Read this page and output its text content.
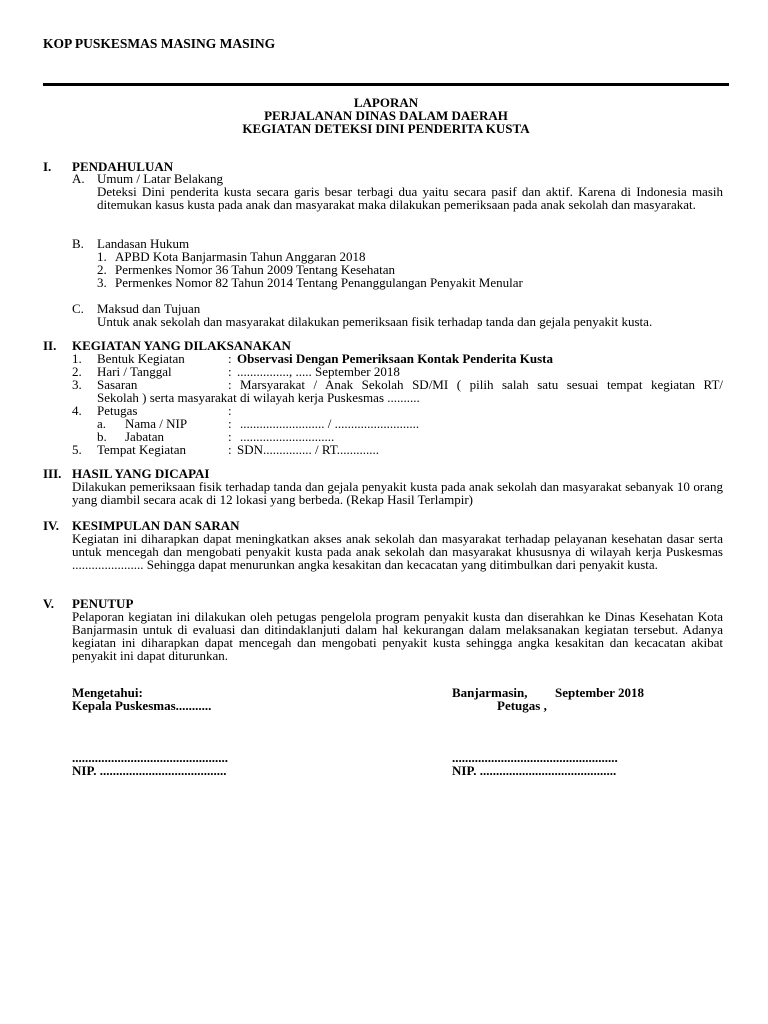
KOP PUSKESMAS MASING MASING
LAPORAN
PERJALANAN DINAS DALAM DAERAH
KEGIATAN DETEKSI DINI PENDERITA KUSTA
I. PENDAHULUAN
A. Umum / Latar Belakang
Deteksi Dini penderita kusta secara garis besar terbagi dua yaitu secara pasif dan aktif. Karena di Indonesia masih ditemukan kasus kusta pada anak dan masyarakat maka dilakukan pemeriksaan pada anak sekolah dan masyarakat.
B. Landasan Hukum
1. APBD Kota Banjarmasin Tahun Anggaran 2018
2. Permenkes Nomor 36 Tahun 2009 Tentang Kesehatan
3. Permenkes Nomor 82 Tahun 2014 Tentang Penanggulangan Penyakit Menular
C. Maksud dan Tujuan
Untuk anak sekolah dan masyarakat dilakukan pemeriksaan fisik terhadap tanda dan gejala penyakit kusta.
II. KEGIATAN YANG DILAKSANAKAN
1. Bentuk Kegiatan	: Observasi Dengan Pemeriksaan Kontak Penderita Kusta
2. Hari / Tanggal	: ................, ..... September 2018
3. Sasaran	: Marsyarakat / Anak Sekolah SD/MI ( pilih salah satu sesuai tempat kegiatan RT/
Sekolah ) serta masyarakat di wilayah kerja Puskesmas ..........
4. Petugas	:
a. Nama / NIP	: .......................... / ..........................
b. Jabatan	: .............................
5. Tempat Kegiatan	: SDN............... / RT.............
III. HASIL YANG DICAPAI
Dilakukan pemeriksaan fisik terhadap tanda dan gejala penyakit kusta pada anak sekolah dan masyarakat sebanyak 10 orang yang diambil secara acak di 12 lokasi yang berbeda. (Rekap Hasil Terlampir)
IV. KESIMPULAN DAN SARAN
Kegiatan ini diharapkan dapat meningkatkan akses anak sekolah dan masyarakat terhadap pelayanan kesehatan dasar serta untuk mencegah dan mengobati penyakit kusta pada anak sekolah dan masyarakat khususnya di wilayah kerja Puskesmas ...................... Sehingga dapat menurunkan angka kesakitan dan kecacatan yang ditimbulkan dari penyakit kusta.
V. PENUTUP
Pelaporan kegiatan ini dilakukan oleh petugas pengelola program penyakit kusta dan diserahkan ke Dinas Kesehatan Kota Banjarmasin untuk di evaluasi dan ditindaklanjuti dalam hal kekurangan dalam melaksanakan kegiatan tersebut. Adanya kegiatan ini diharapkan dapat mencegah dan mengobati penyakit kusta sehingga angka kesakitan dan kecacatan akibat penyakit ini dapat diturunkan.
Mengetahui:
Kepala Puskesmas...........
................................................
NIP. .......................................
Banjarmasin, September 2018
Petugas ,
...................................................
NIP. ..........................................
